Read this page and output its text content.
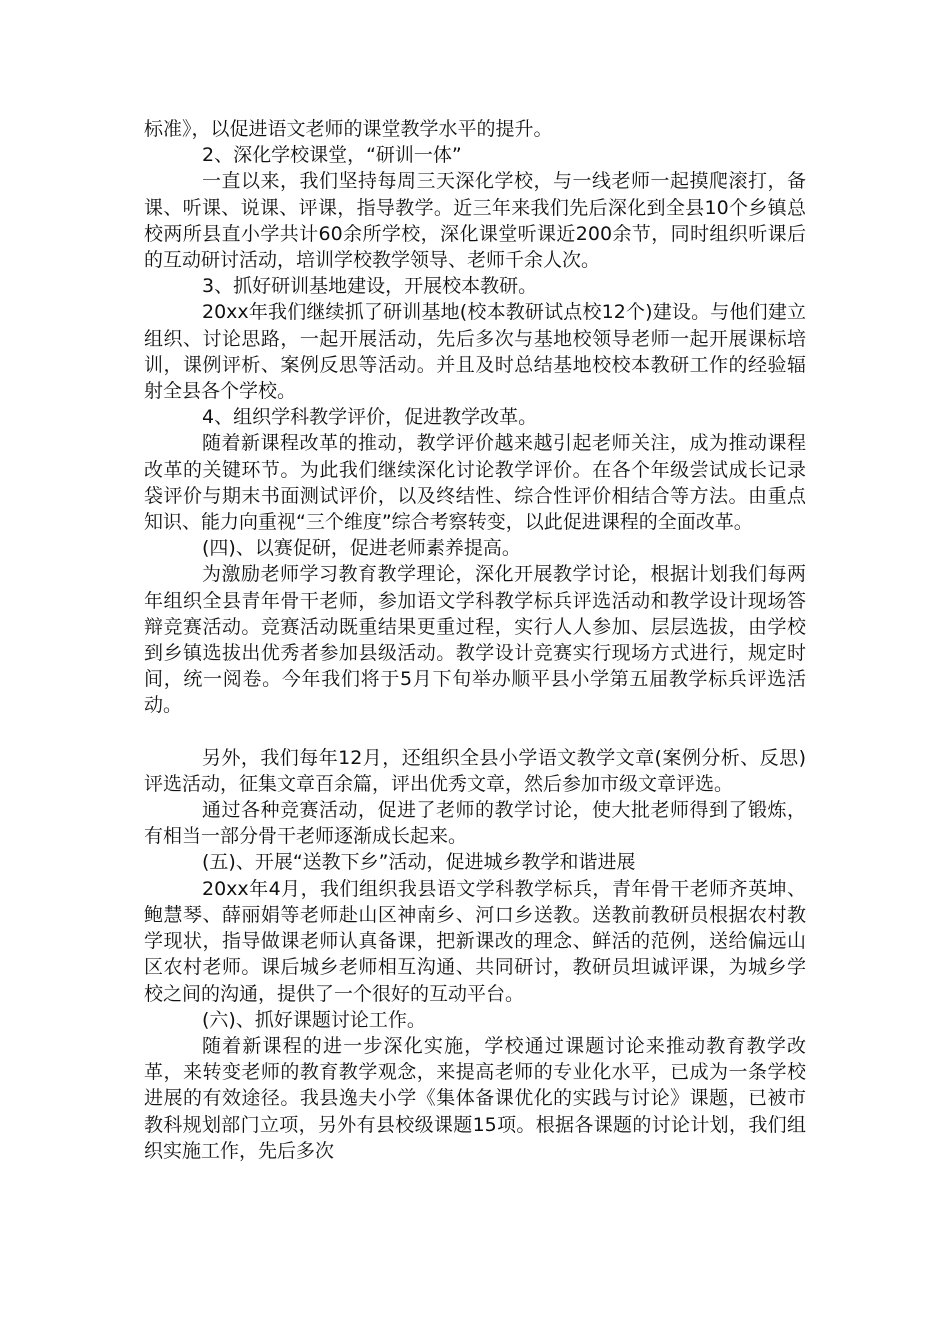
标准》，以促进语文老师的课堂教学水平的提升。

2、深化学校课堂，“研训一体”

一直以来，我们坚持每周三天深化学校，与一线老师一起摸爬滚打，备课、听课、说课、评课，指导教学。近三年来我们先后深化到全县10个乡镇总校两所县直小学共计60余所学校，深化课堂听课近200余节，同时组织听课后的互动研讨活动，培训学校教学领导、老师千余人次。

3、抓好研训基地建设，开展校本教研。

20xx年我们继续抓了研训基地(校本教研试点校12个)建设。与他们建立组织、讨论思路，一起开展活动，先后多次与基地校领导老师一起开展课标培训，课例评析、案例反思等活动。并且及时总结基地校校本教研工作的经验辐射全县各个学校。

4、组织学科教学评价，促进教学改革。

随着新课程改革的推动，教学评价越来越引起老师关注，成为推动课程改革的关键环节。为此我们继续深化讨论教学评价。在各个年级尝试成长记录袋评价与期末书面测试评价，以及终结性、综合性评价相结合等方法。由重点知识、能力向重视“三个维度”综合考察转变，以此促进课程的全面改革。

(四)、以赛促研，促进老师素养提高。

为激励老师学习教育教学理论，深化开展教学讨论，根据计划我们每两年组织全县青年骨干老师，参加语文学科教学标兵评选活动和教学设计现场答辩竞赛活动。竞赛活动既重结果更重过程，实行人人参加、层层选拔，由学校到乡镇选拔出优秀者参加县级活动。教学设计竞赛实行现场方式进行，规定时间，统一阅卷。今年我们将于5月下旬举办顺平县小学第五届教学标兵评选活动。

另外，我们每年12月，还组织全县小学语文教学文章(案例分析、反思)评选活动，征集文章百余篇，评出优秀文章，然后参加市级文章评选。

通过各种竞赛活动，促进了老师的教学讨论，使大批老师得到了锻炼，有相当一部分骨干老师逐渐成长起来。

(五)、开展“送教下乡”活动，促进城乡教学和谐进展

20xx年4月，我们组织我县语文学科教学标兵，青年骨干老师齐英坤、鲍慧琴、薛丽娟等老师赴山区神南乡、河口乡送教。送教前教研员根据农村教学现状，指导做课老师认真备课，把新课改的理念、鲜活的范例，送给偏远山区农村老师。课后城乡老师相互沟通、共同研讨，教研员坦诚评课，为城乡学校之间的沟通，提供了一个很好的互动平台。

(六)、抓好课题讨论工作。

随着新课程的进一步深化实施，学校通过课题讨论来推动教育教学改革，来转变老师的教育教学观念，来提高老师的专业化水平，已成为一条学校进展的有效途径。我县逸夫小学《集体备课优化的实践与讨论》课题，已被市教科规划部门立项，另外有县校级课题15项。根据各课题的讨论计划，我们组织实施工作，先后多次
